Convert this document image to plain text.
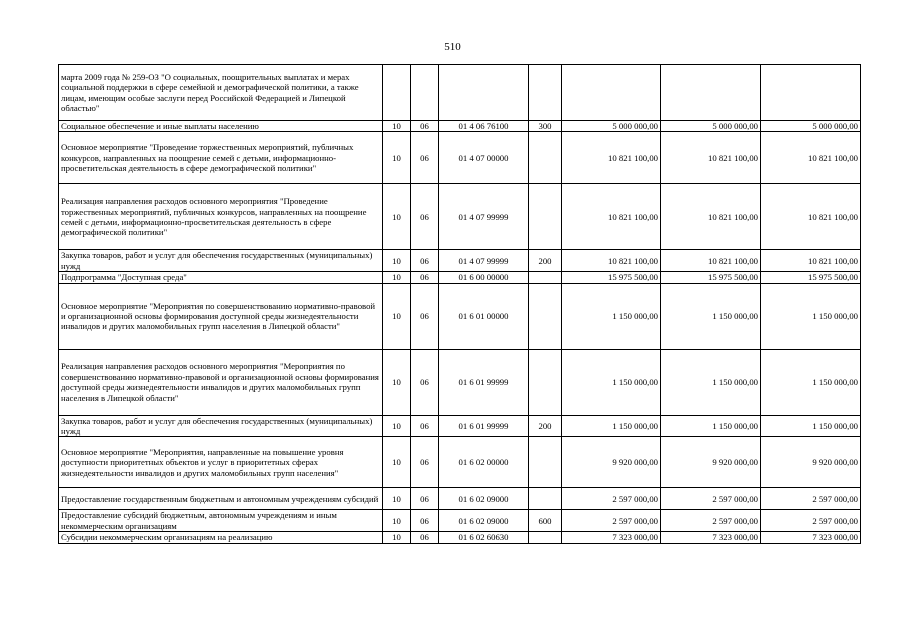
510
марта 2009 года № 259-ОЗ "О социальных, поощрительных выплатах и мерах социальной поддержки в сфере семейной и демографической политики, а также лицам, имеющим особые заслуги перед Российской Федерацией и Липецкой областью"							
Социальное обеспечение и иные выплаты населению	10	06	01 4 06 76100	300	5 000 000,00	5 000 000,00	5 000 000,00
Основное мероприятие "Проведение торжественных мероприятий, публичных конкурсов, направленных на поощрение семей с детьми, информационно-просветительская деятельность в сфере демографической политики"	10	06	01 4 07 00000		10 821 100,00	10 821 100,00	10 821 100,00
Реализация направления расходов основного мероприятия "Проведение торжественных мероприятий, публичных конкурсов, направленных на поощрение семей с детьми, информационно-просветительская деятельность в сфере демографической политики"	10	06	01 4 07 99999		10 821 100,00	10 821 100,00	10 821 100,00
Закупка товаров, работ и услуг для обеспечения государственных (муниципальных) нужд	10	06	01 4 07 99999	200	10 821 100,00	10 821 100,00	10 821 100,00
Подпрограмма "Доступная среда"	10	06	01 6 00 00000		15 975 500,00	15 975 500,00	15 975 500,00
Основное мероприятие "Мероприятия по совершенствованию нормативно-правовой и организационной основы формирования доступной среды жизнедеятельности инвалидов и других маломобильных групп населения в Липецкой области"	10	06	01 6 01 00000		1 150 000,00	1 150 000,00	1 150 000,00
Реализация направления расходов основного мероприятия "Мероприятия по совершенствованию нормативно-правовой и организационной основы формирования доступной среды жизнедеятельности инвалидов и других маломобильных групп населения в Липецкой области"	10	06	01 6 01 99999		1 150 000,00	1 150 000,00	1 150 000,00
Закупка товаров, работ и услуг для обеспечения государственных (муниципальных) нужд	10	06	01 6 01 99999	200	1 150 000,00	1 150 000,00	1 150 000,00
Основное мероприятие "Мероприятия, направленные на повышение уровня доступности приоритетных объектов и услуг в приоритетных сферах жизнедеятельности инвалидов и других маломобильных групп населения"	10	06	01 6 02 00000		9 920 000,00	9 920 000,00	9 920 000,00
Предоставление государственным бюджетным и автономным учреждениям субсидий	10	06	01 6 02 09000		2 597 000,00	2 597 000,00	2 597 000,00
Предоставление субсидий бюджетным, автономным учреждениям и иным некоммерческим организациям	10	06	01 6 02 09000	600	2 597 000,00	2 597 000,00	2 597 000,00
Субсидии некоммерческим организациям на реализацию	10	06	01 6 02 60630		7 323 000,00	7 323 000,00	7 323 000,00
